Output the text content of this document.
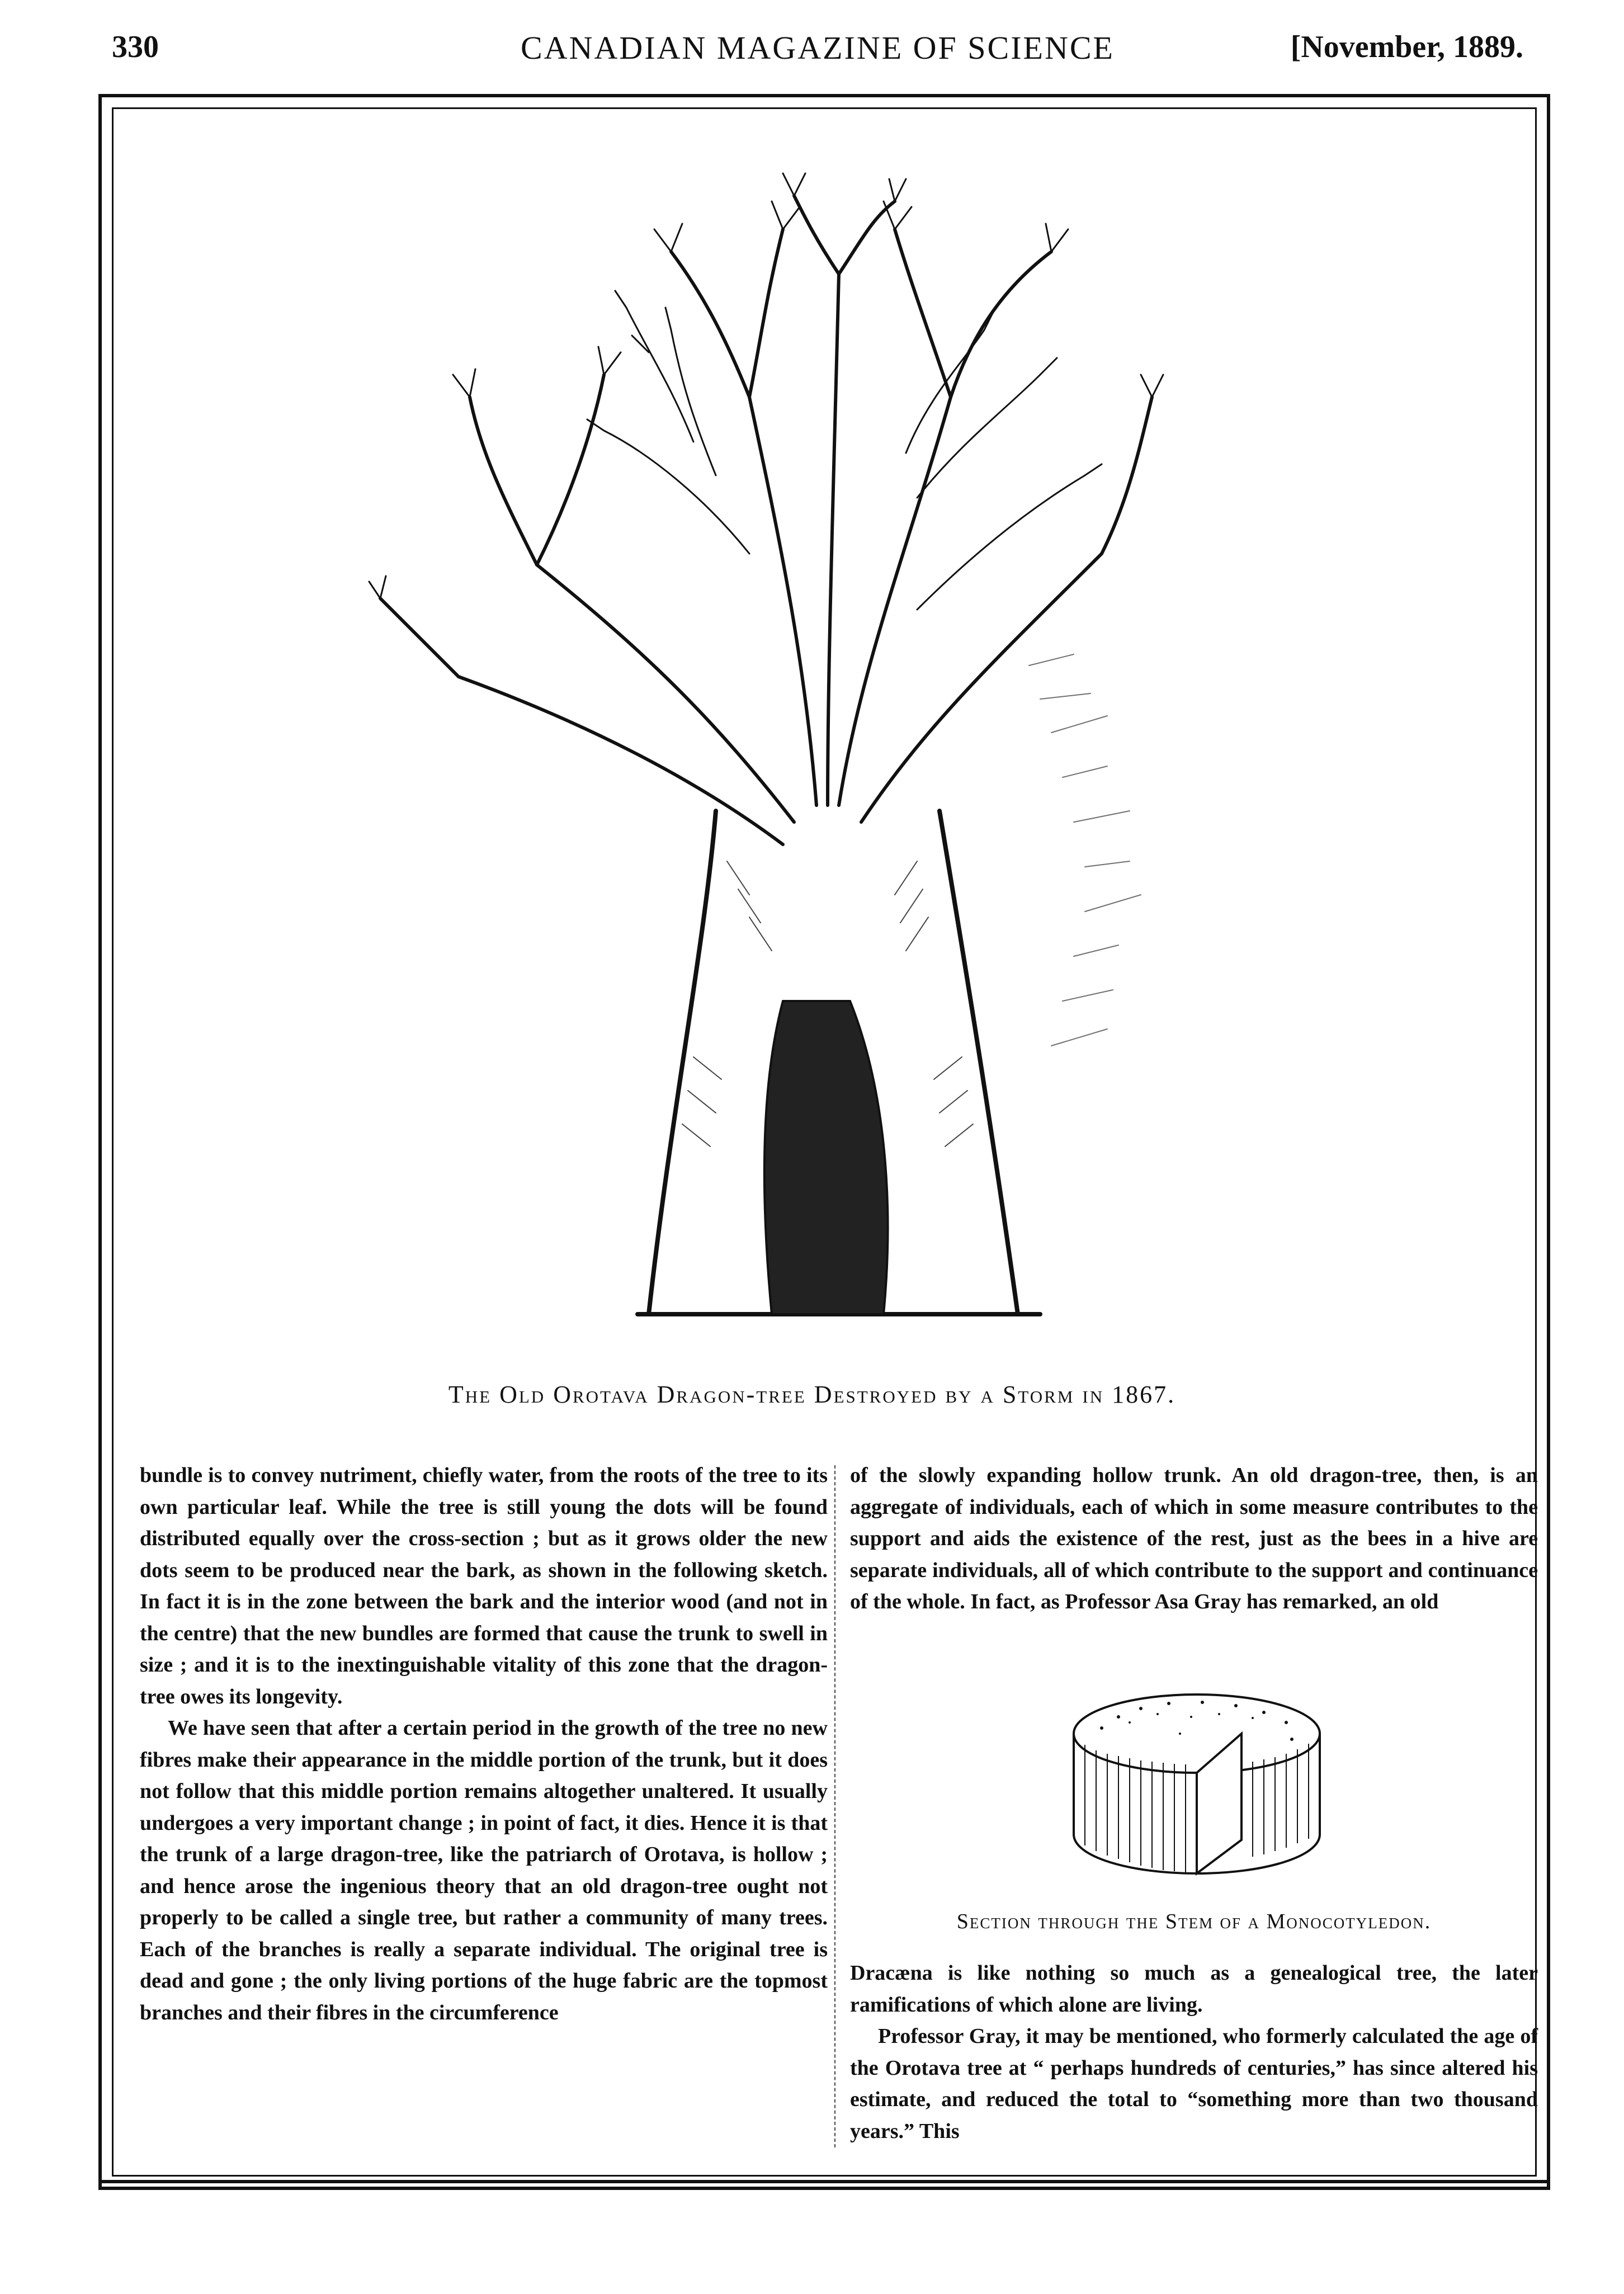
330	CANADIAN MAGAZINE OF SCIENCE	[November, 1889.
The Old Orotava Dragon-tree Destroyed by a Storm in 1867.

bundle is to convey nutriment, chiefly water, from the roots of the tree to its own particular leaf. While the tree is still young the dots will be found distributed equally over the cross-section ; but as it grows older the new dots seem to be produced near the bark, as shown in the following sketch. In fact it is in the zone between the bark and the interior wood (and not in the centre) that the new bundles are formed that cause the trunk to swell in size ; and it is to the inextinguishable vitality of this zone that the dragon-tree owes its longevity.

We have seen that after a certain period in the growth of the tree no new fibres make their appearance in the middle portion of the trunk, but it does not follow that this middle portion remains altogether unaltered. It usually undergoes a very important change ; in point of fact, it dies. Hence it is that the trunk of a large dragon-tree, like the patriarch of Orotava, is hollow ; and hence arose the ingenious theory that an old dragon-tree ought not properly to be called a single tree, but rather a community of many trees. Each of the branches is really a separate individual. The original tree is dead and gone ; the only living portions of the huge fabric are the topmost branches and their fibres in the circumference

of the slowly expanding hollow trunk. An old dragon-tree, then, is an aggregate of individuals, each of which in some measure contributes to the support and aids the existence of the rest, just as the bees in a hive are separate individuals, all of which contribute to the support and continuance of the whole. In fact, as Professor Asa Gray has remarked, an old

Section through the Stem of a Monocotyledon.

Dracæna is like nothing so much as a genealogical tree, the later ramifications of which alone are living.

Professor Gray, it may be mentioned, who formerly calculated the age of the Orotava tree at “ perhaps hundreds of centuries,” has since altered his estimate, and reduced the total to “something more than two thousand years.” This
